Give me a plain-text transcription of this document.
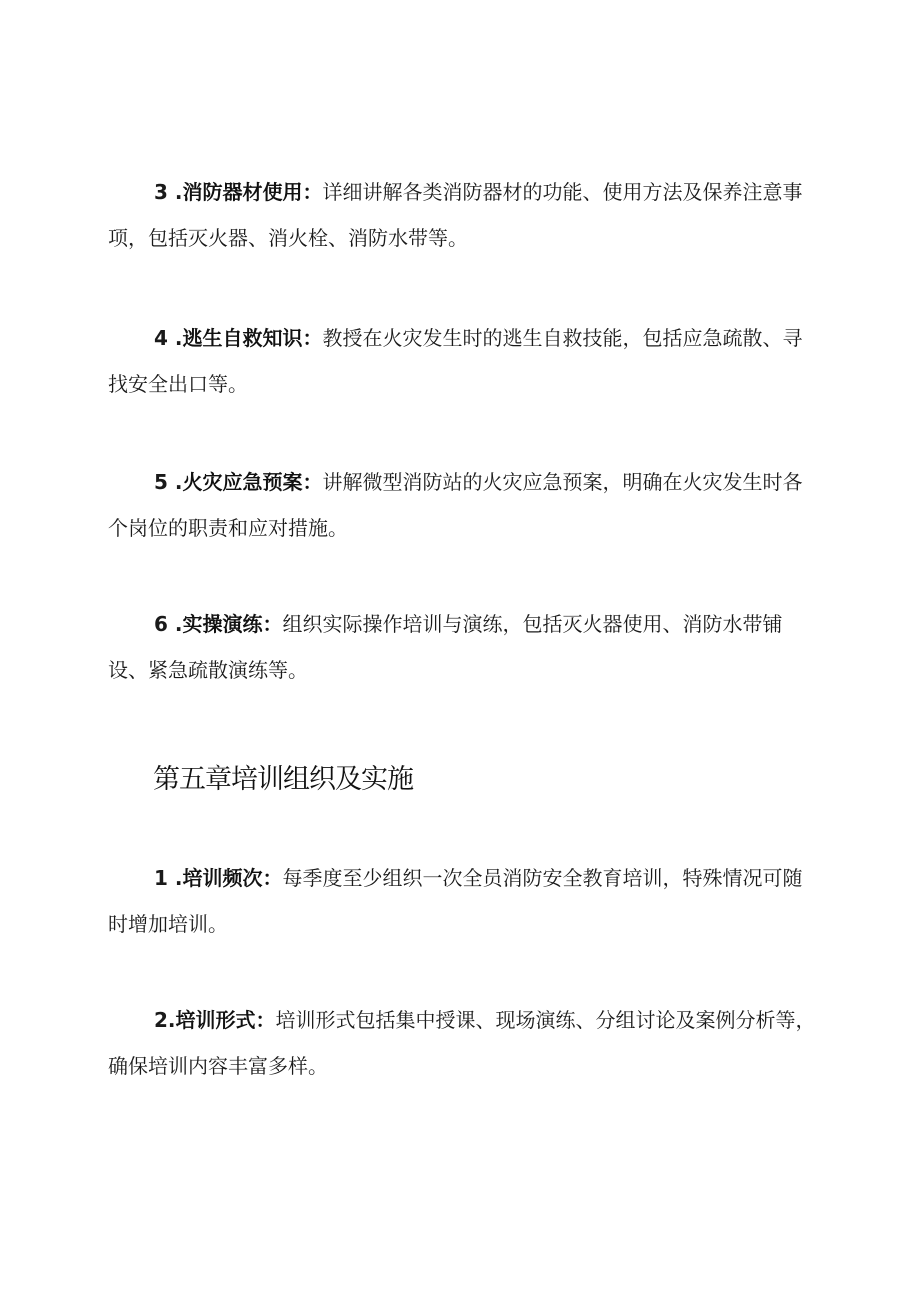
3 .消防器材使用：详细讲解各类消防器材的功能、使用方法及保养注意事项，包括灭火器、消火栓、消防水带等。

4 .逃生自救知识：教授在火灾发生时的逃生自救技能，包括应急疏散、寻找安全出口等。

5 .火灾应急预案：讲解微型消防站的火灾应急预案，明确在火灾发生时各个岗位的职责和应对措施。

6 .实操演练：组织实际操作培训与演练，包括灭火器使用、消防水带铺设、紧急疏散演练等。

第五章培训组织及实施

1 .培训频次：每季度至少组织一次全员消防安全教育培训，特殊情况可随时增加培训。

2.培训形式：培训形式包括集中授课、现场演练、分组讨论及案例分析等，确保培训内容丰富多样。
